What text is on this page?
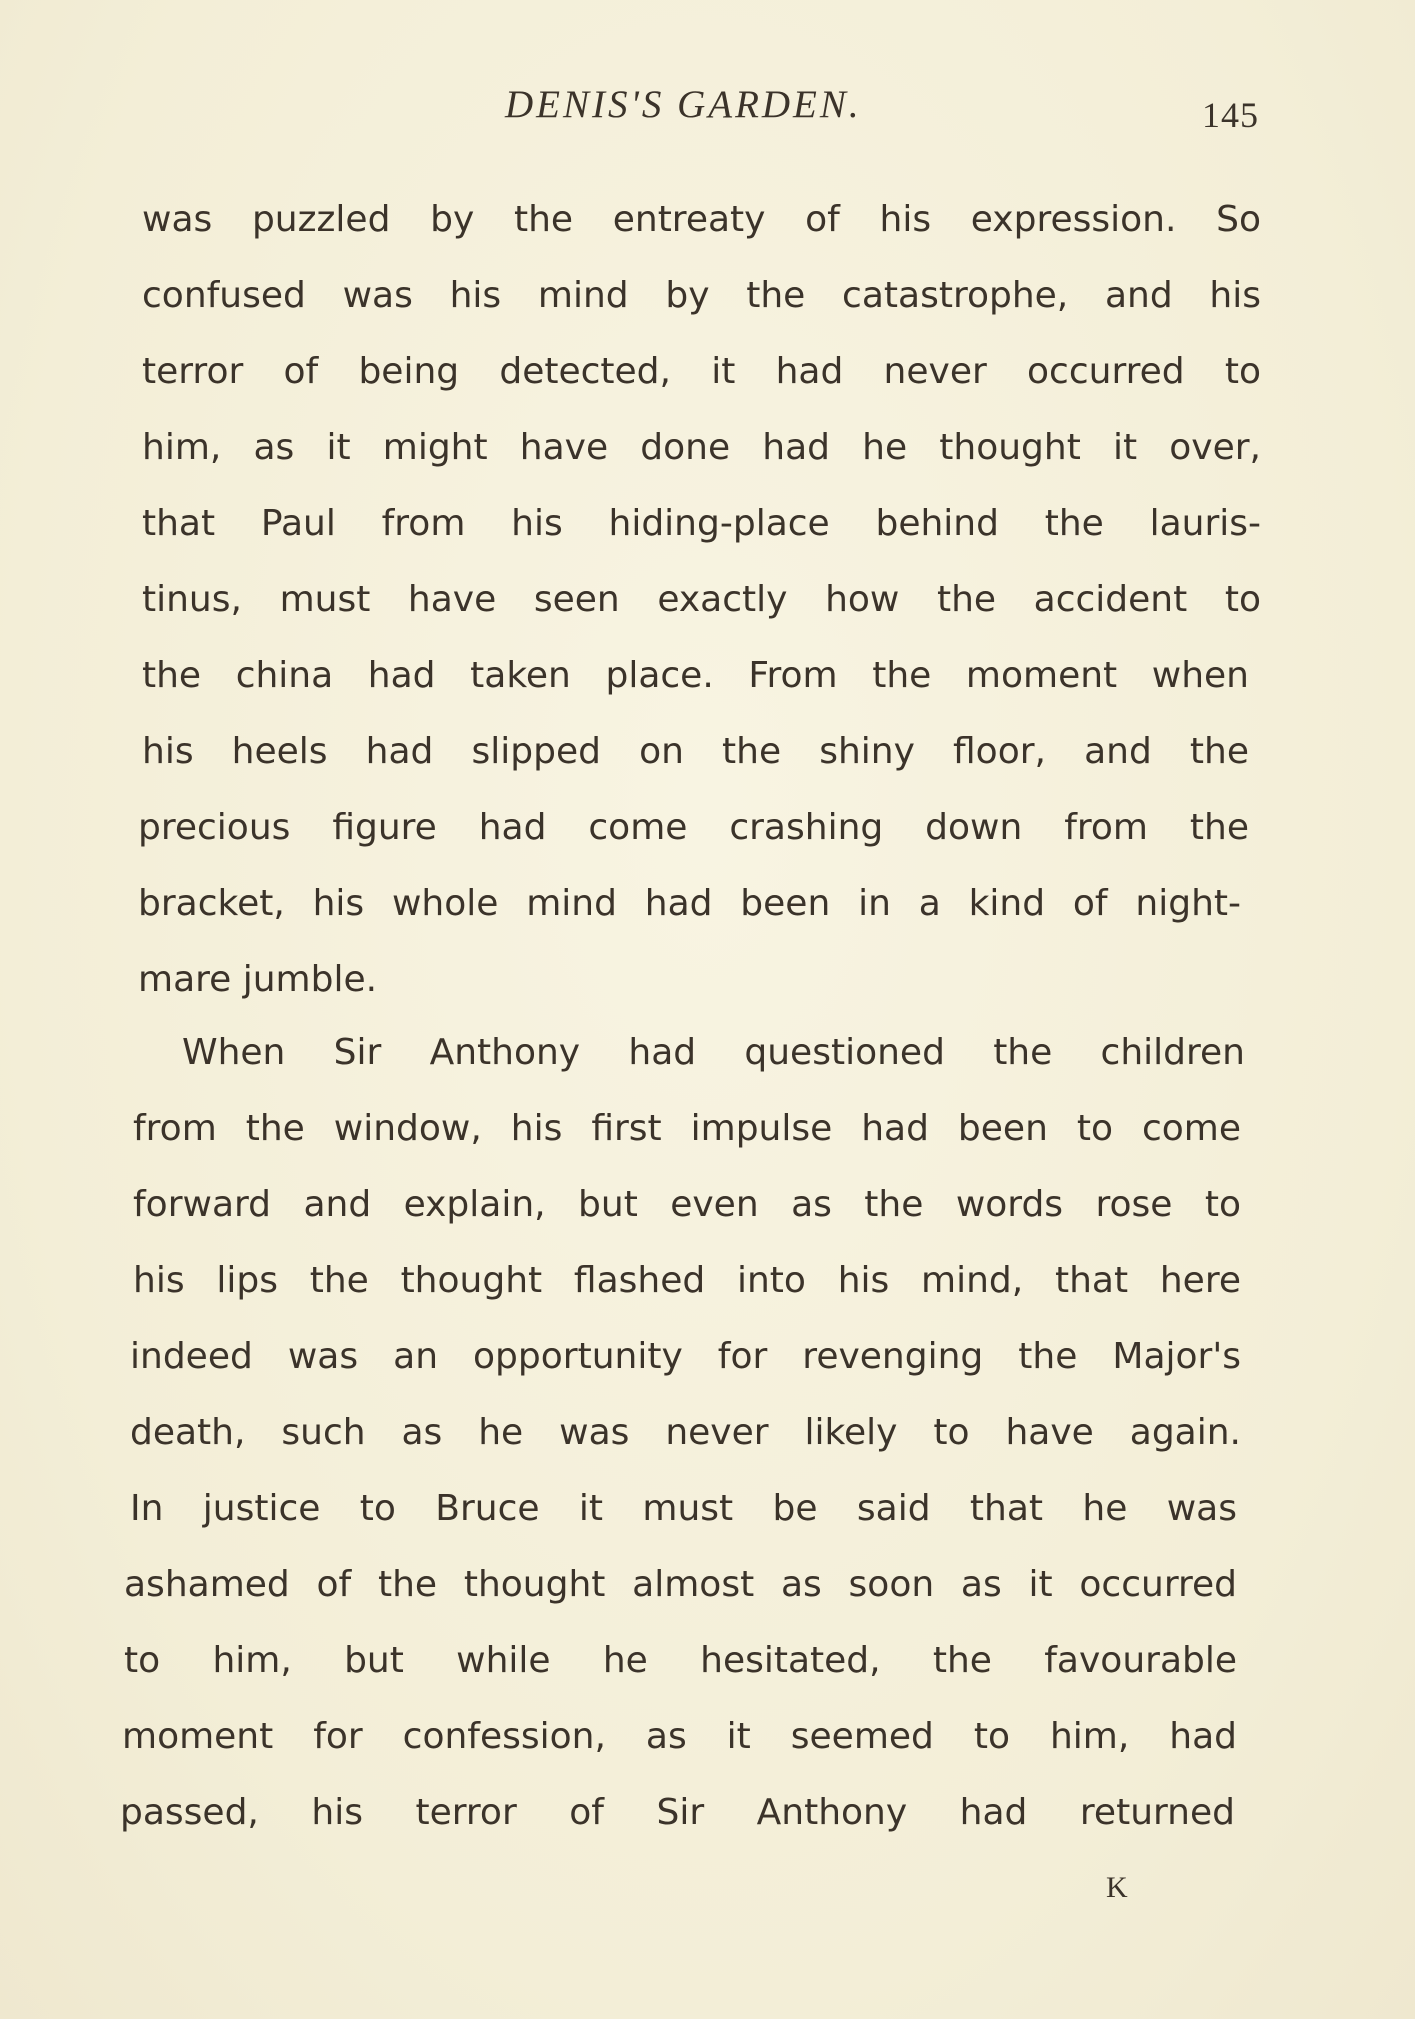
DENIS'S GARDEN.	145
was puzzled by the entreaty of his expression. So
confused was his mind by the catastrophe, and his
terror of being detected, it had never occurred to
him, as it might have done had he thought it over,
that Paul from his hiding-place behind the lauris-
tinus, must have seen exactly how the accident to
the china had taken place. From the moment when
his heels had slipped on the shiny floor, and the
precious figure had come crashing down from the
bracket, his whole mind had been in a kind of night-
mare jumble.
When Sir Anthony had questioned the children
from the window, his first impulse had been to come
forward and explain, but even as the words rose to
his lips the thought flashed into his mind, that here
indeed was an opportunity for revenging the Major's
death, such as he was never likely to have again.
In justice to Bruce it must be said that he was
ashamed of the thought almost as soon as it occurred
to him, but while he hesitated, the favourable
moment for confession, as it seemed to him, had
passed, his terror of Sir Anthony had returned
K
